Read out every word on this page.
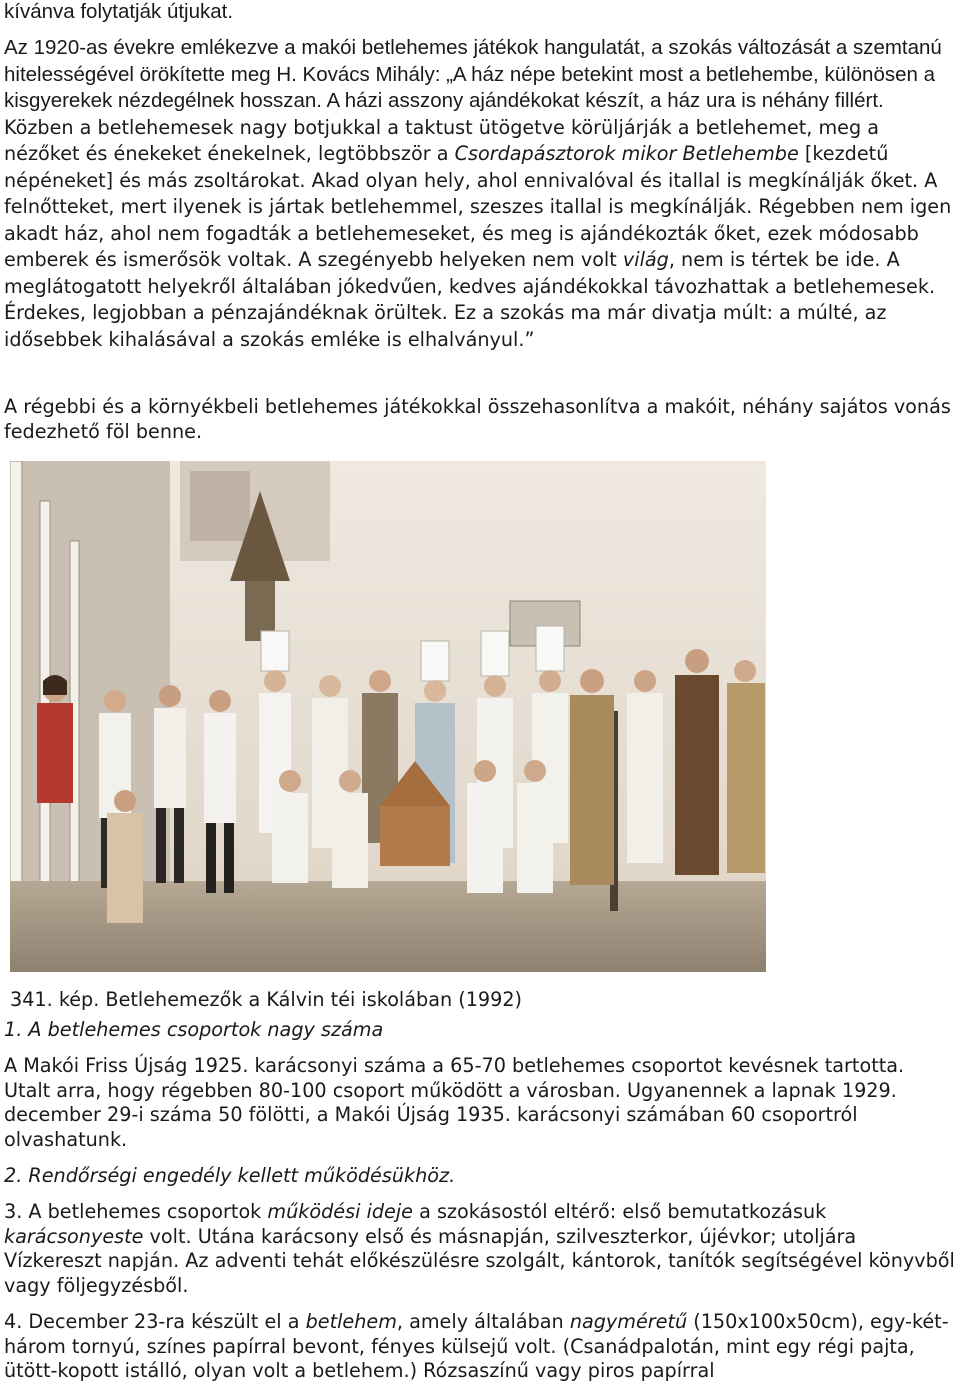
kívánva folytatják útjukat.

Az 1920-as évekre emlékezve a makói betlehemes játékok hangulatát, a szokás változását a szemtanú hitelességével örökítette meg H. Kovács Mihály: „A ház népe betekint most a betlehembe, különösen a kisgyerekek nézdegélnek hosszan. A házi asszony ajándékokat készít, a ház ura is néhány fillért. Közben a betlehemesek nagy botjukkal a taktust ütögetve körüljárják a betlehemet, meg a nézőket és énekeket énekelnek, legtöbbször a Csordapásztorok mikor Betlehembe [kezdetű népéneket] és más zsoltárokat. Akad olyan hely, ahol ennivalóval és itallal is megkínálják őket. A felnőtteket, mert ilyenek is jártak betlehemmel, szeszes itallal is megkínálják. Régebben nem igen akadt ház, ahol nem fogadták a betlehemeseket, és meg is ajándékozták őket, ezek módosabb emberek és ismerősök voltak. A szegényebb helyeken nem volt világ, nem is tértek be ide. A meglátogatott helyekről általában jókedvűen, kedves ajándékokkal távozhattak a betlehemesek. Érdekes, legjobban a pénzajándéknak örültek. Ez a szokás ma már divatja múlt: a múlté, az idősebbek kihalásával a szokás emléke is elhalványul.”

A régebbi és a környékbeli betlehemes játékokkal összehasonlítva a makóit, néhány sajátos vonás fedezhető föl benne.

341. kép. Betlehemezők a Kálvin téi iskolában (1992)

1. A betlehemes csoportok nagy száma

A Makói Friss Újság 1925. karácsonyi száma a 65-70 betlehemes csoportot kevésnek tartotta. Utalt arra, hogy régebben 80-100 csoport működött a városban. Ugyanennek a lapnak 1929. december 29-i száma 50 fölötti, a Makói Újság 1935. karácsonyi számában 60 csoportról olvashatunk.

2. Rendőrségi engedély kellett működésükhöz.

3. A betlehemes csoportok működési ideje a szokásostól eltérő: első bemutatkozásuk karácsonyeste volt. Utána karácsony első és másnapján, szilveszterkor, újévkor; utoljára Vízkereszt napján. Az adventi tehát előkészülésre szolgált, kántorok, tanítók segítségével könyvből vagy följegyzésből.

4. December 23-ra készült el a betlehem, amely általában nagyméretű (150x100x50cm), egy-két-három tornyú, színes papírral bevont, fényes külsejű volt. (Csanádpalotán, mint egy régi pajta, ütött-kopott istálló, olyan volt a betlehem.) Rózsaszínű vagy piros papírral
